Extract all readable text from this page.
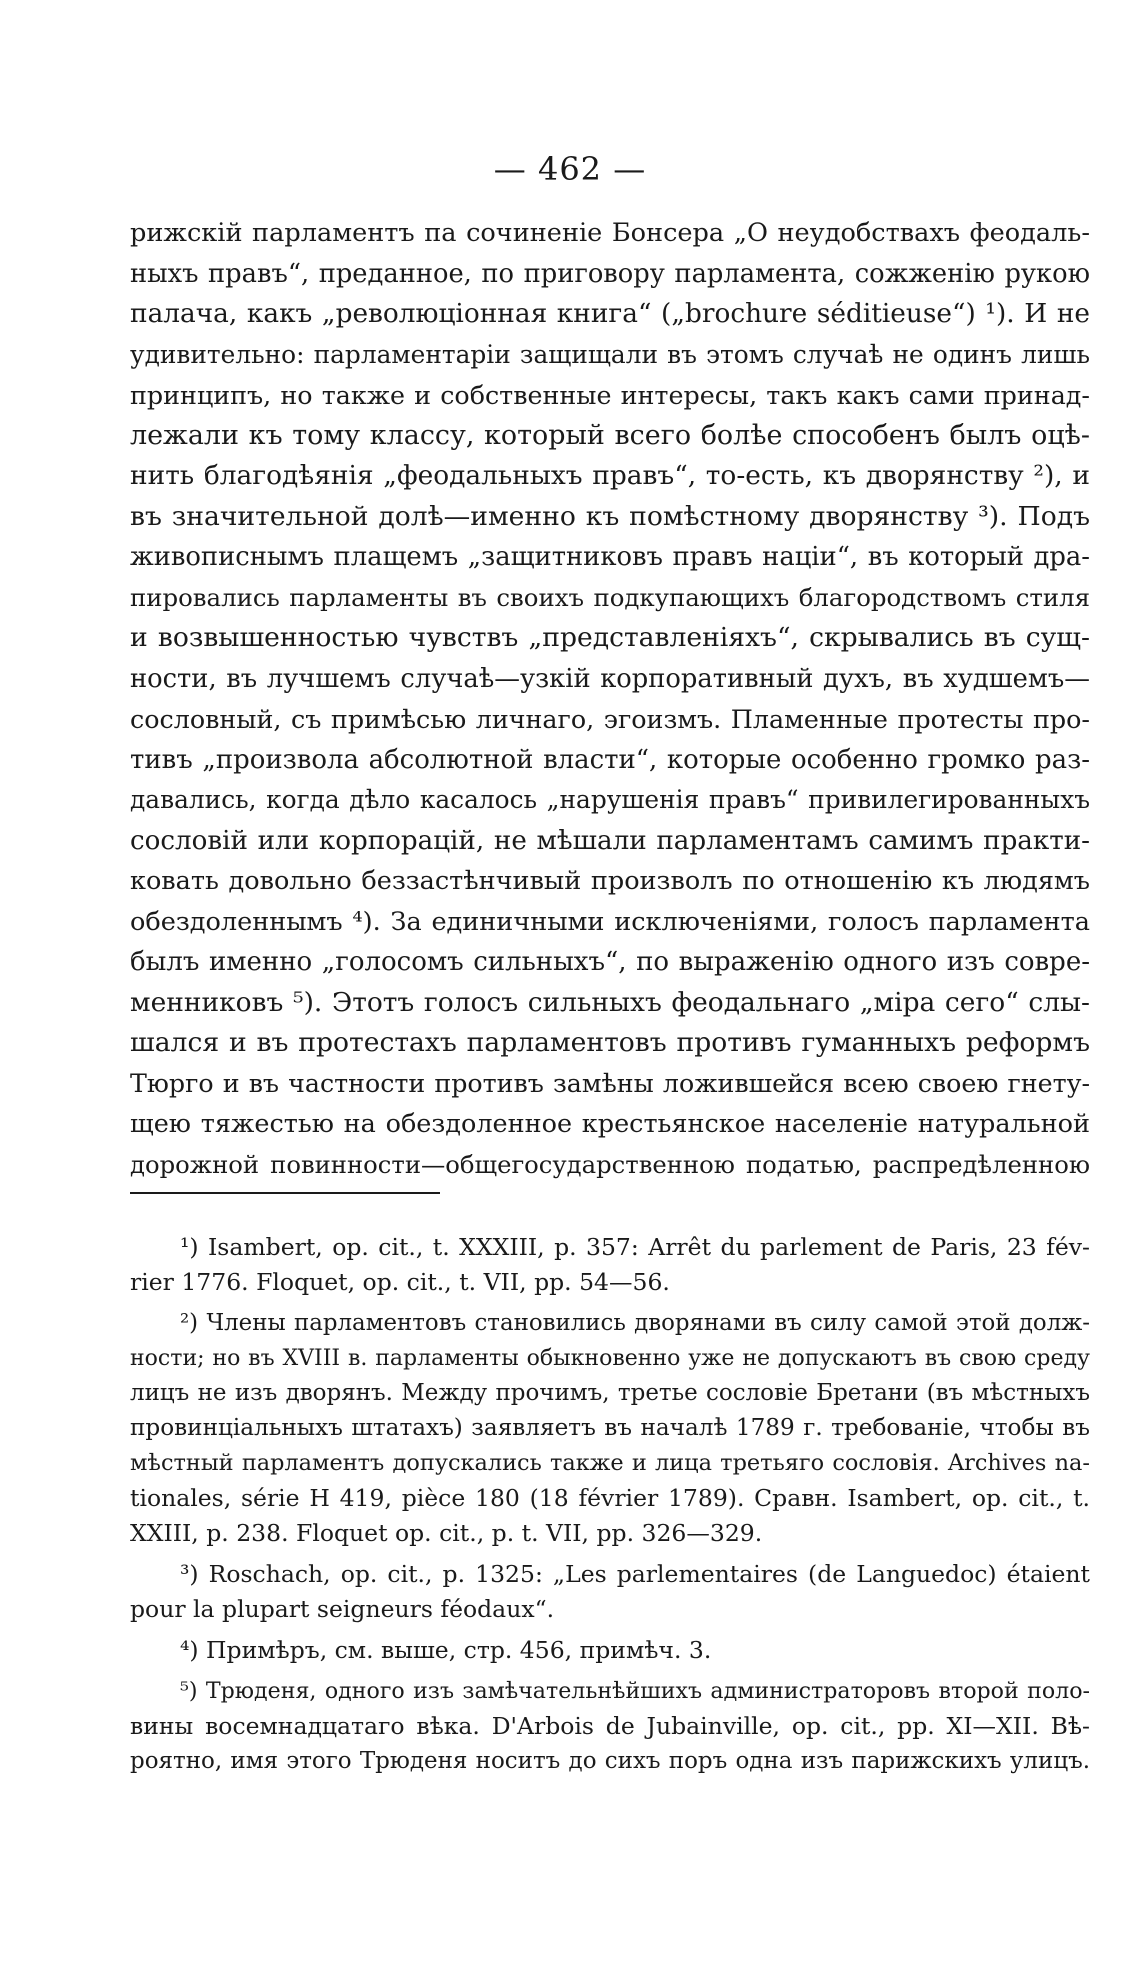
— 462 —
рижскій парламентъ па сочиненіе Бонсера „О неудобствахъ феодаль-
ныхъ правъ“, преданное, по приговору парламента, сожженію рукою
палача, какъ „революціонная книга“ („brochure séditieuse“) ¹). И не
удивительно: парламентаріи защищали въ этомъ случаѣ не одинъ лишь
принципъ, но также и собственные интересы, такъ какъ сами принад-
лежали къ тому классу, который всего болѣе способенъ былъ оцѣ-
нить благодѣянія „феодальныхъ правъ“, то-есть, къ дворянству ²), и
въ значительной долѣ—именно къ помѣстному дворянству ³). Подъ
живописнымъ плащемъ „защитниковъ правъ націи“, въ который дра-
пировались парламенты въ своихъ подкупающихъ благородствомъ стиля
и возвышенностью чувствъ „представленіяхъ“, скрывались въ сущ-
ности, въ лучшемъ случаѣ—узкій корпоративный духъ, въ худшемъ—
сословный, съ примѣсью личнаго, эгоизмъ. Пламенные протесты про-
тивъ „произвола абсолютной власти“, которые особенно громко раз-
давались, когда дѣло касалось „нарушенія правъ“ привилегированныхъ
сословій или корпорацій, не мѣшали парламентамъ самимъ практи-
ковать довольно беззастѣнчивый произволъ по отношенію къ людямъ
обездоленнымъ ⁴). За единичными исключеніями, голосъ парламента
былъ именно „голосомъ сильныхъ“, по выраженію одного изъ совре-
менниковъ ⁵). Этотъ голосъ сильныхъ феодальнаго „міра сего“ слы-
шался и въ протестахъ парламентовъ противъ гуманныхъ реформъ
Тюрго и въ частности противъ замѣны ложившейся всею своею гнету-
щею тяжестью на обездоленное крестьянское населеніе натуральной
дорожной повинности—общегосударственною податью, распредѣленною
¹) Isambert, op. cit., t. XXXIII, p. 357: Arrêt du parlement de Paris, 23 fév-
rier 1776. Floquet, op. cit., t. VII, pp. 54—56.
²) Члены парламентовъ становились дворянами въ силу самой этой долж-
ности; но въ XVIII в. парламенты обыкновенно уже не допускаютъ въ свою среду
лицъ не изъ дворянъ. Между прочимъ, третье сословіе Бретани (въ мѣстныхъ
провинціальныхъ штатахъ) заявляетъ въ началѣ 1789 г. требованіе, чтобы въ
мѣстный парламентъ допускались также и лица третьяго сословія. Archives na-
tionales, série H 419, pièce 180 (18 février 1789). Сравн. Isambert, op. cit., t.
XXIII, p. 238. Floquet op. cit., p. t. VII, pp. 326—329.
³) Roschach, op. cit., p. 1325: „Les parlementaires (de Languedoc) étaient
pour la plupart seigneurs féodaux“.
⁴) Примѣръ, см. выше, стр. 456, примѣч. 3.
⁵) Трюденя, одного изъ замѣчательнѣйшихъ администраторовъ второй поло-
вины восемнадцатаго вѣка. D'Arbois de Jubainville, op. cit., pp. XI—XII. Вѣ-
роятно, имя этого Трюденя носитъ до сихъ поръ одна изъ парижскихъ улицъ.
